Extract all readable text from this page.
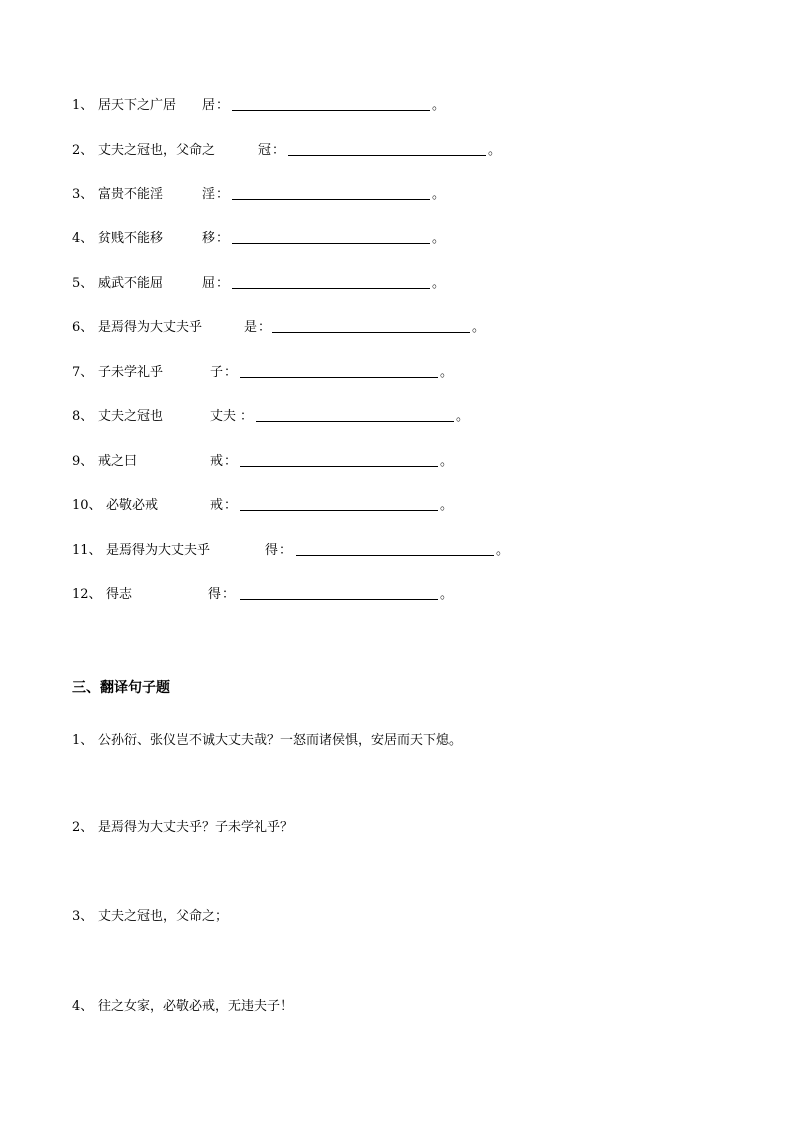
1、 居天下之广居 居 ：	。
2、 丈夫之冠也，父命之	冠 ：	。
3、 富贵不能淫	淫 ：	。
4、 贫贱不能移	移 ：	。
5、 威武不能屈	屈 ：	。
6、 是焉得为大丈夫乎	是 ：	。
7、 子未学礼乎	子 ：	。
8、 丈夫之冠也	丈夫 ：	。
9、 戒之曰	戒 ：	。
10、 必敬必戒	戒 ：	。
11、 是焉得为大丈夫乎	得 ：	。
12、 得志	得 ：	。
三、翻译句子题
1、 公孙衍、张仪岂不诚大丈夫哉？一怒而诸侯惧，安居而天下熄。
2、 是焉得为大丈夫乎？子未学礼乎？
3、 丈夫之冠也，父命之；
4、 往之女家，必敬必戒，无违夫子！
